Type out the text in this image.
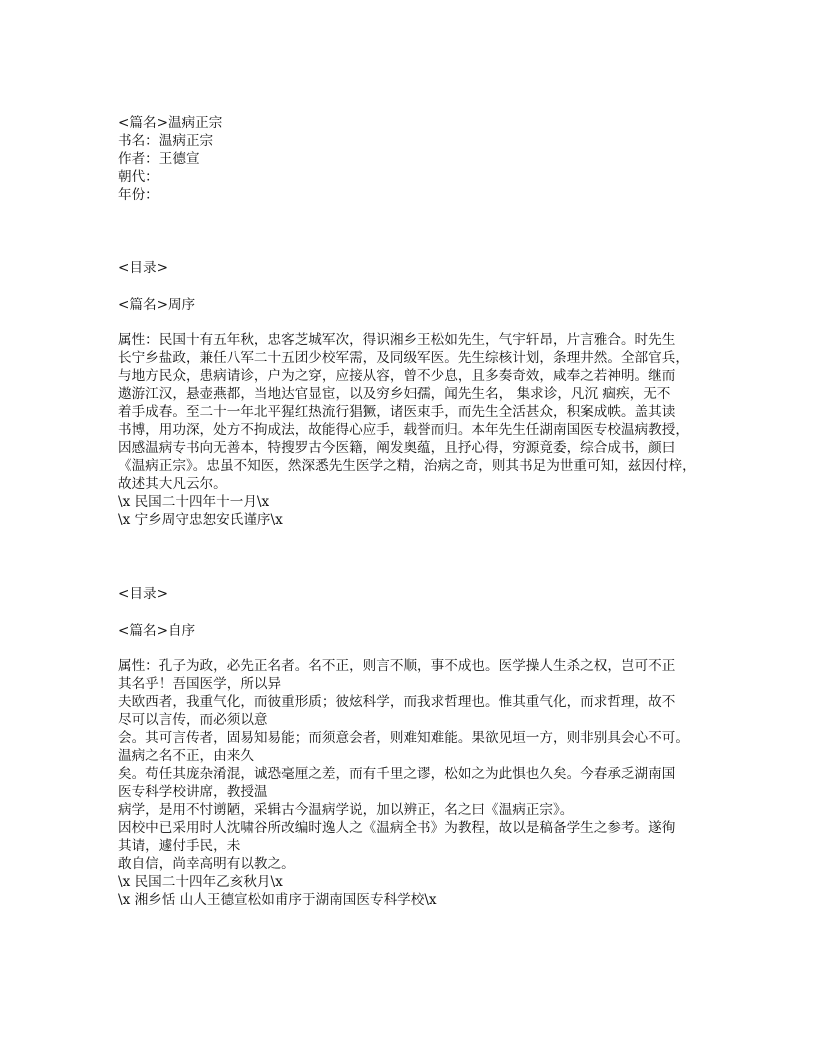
<篇名>温病正宗
书名：温病正宗
作者：王德宣
朝代：
年份：
<目录>
<篇名>周序
属性：民国十有五年秋，忠客芝城军次，得识湘乡王松如先生，气宇轩昂，片言雅合。时先生
长宁乡盐政，兼任八军二十五团少校军需，及同级军医。先生综核计划，条理井然。全部官兵，
与地方民众，患病请诊，户为之穿，应接从容，曾不少息，且多奏奇效，咸奉之若神明。继而
遨游江汉，悬壶燕都，当地达官显宦，以及穷乡妇孺，闻先生名， 集求诊，凡沉 痼疾，无不
着手成春。至二十一年北平猩红热流行猖獗，诸医束手，而先生全活甚众，积案成帙。盖其读
书博，用功深，处方不拘成法，故能得心应手，载誉而归。本年先生任湖南国医专校温病教授，
因感温病专书向无善本，特搜罗古今医籍，阐发奥蕴，且抒心得，穷源竟委，综合成书，颜曰
《温病正宗》。忠虽不知医，然深悉先生医学之精，治病之奇，则其书足为世重可知，兹因付梓，
故述其大凡云尔。
\x 民国二十四年十一月\x
\x 宁乡周守忠恕安氏谨序\x
<目录>
<篇名>自序
属性：孔子为政，必先正名者。名不正，则言不顺，事不成也。医学操人生杀之权，岂可不正
其名乎！吾国医学，所以异
夫欧西者，我重气化，而彼重形质；彼炫科学，而我求哲理也。惟其重气化，而求哲理，故不
尽可以言传，而必须以意
会。其可言传者，固易知易能；而须意会者，则难知难能。果欲见垣一方，则非别具会心不可。
温病之名不正，由来久
矣。苟任其庞杂淆混，诚恐毫厘之差，而有千里之谬，松如之为此惧也久矣。今春承乏湖南国
医专科学校讲席，教授温
病学，是用不忖谫陋，采辑古今温病学说，加以辨正，名之曰《温病正宗》。
因校中已采用时人沈啸谷所改编时逸人之《温病全书》为教程，故以是稿备学生之参考。遂徇
其请，遽付手民，未
敢自信，尚幸高明有以教之。
\x 民国二十四年乙亥秋月\x
\x 湘乡恬 山人王德宣松如甫序于湖南国医专科学校\x
